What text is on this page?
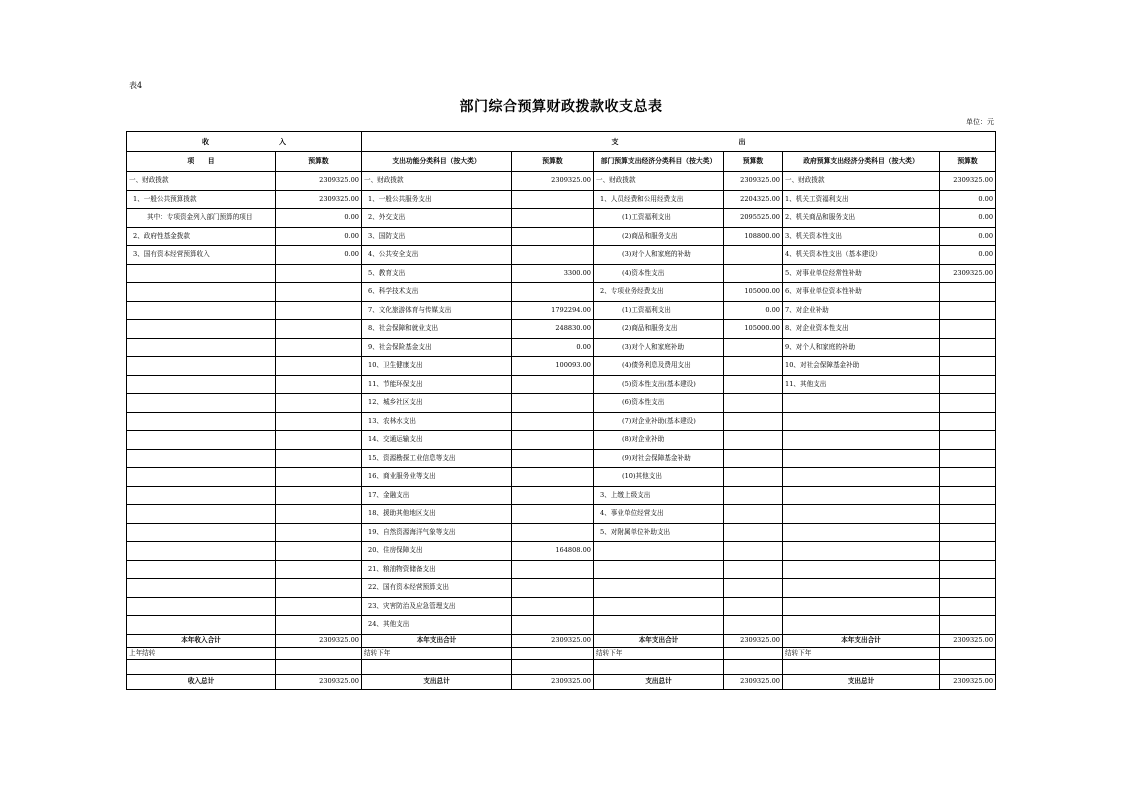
表4
部门综合预算财政拨款收支总表
单位：元
收 入		支 出					
项　　目	预算数	支出功能分类科目（按大类）	预算数	部门预算支出经济分类科目（按大类）	预算数	政府预算支出经济分类科目（按大类）	预算数
一、财政拨款	2309325.00	一、财政拨款	2309325.00	一、财政拨款	2309325.00	一、财政拨款	2309325.00
1、一般公共预算拨款	2309325.00	1、一般公共服务支出		1、人员经费和公用经费支出	2204325.00	1、机关工资福利支出	0.00
其中：专项资金列入部门预算的项目	0.00	2、外交支出		(1)工资福利支出	2095525.00	2、机关商品和服务支出	0.00
2、政府性基金拨款	0.00	3、国防支出		(2)商品和服务支出	108800.00	3、机关资本性支出	0.00
3、国有资本经营预算收入	0.00	4、公共安全支出		(3)对个人和家庭的补助		4、机关资本性支出（基本建设）	0.00
		5、教育支出	3300.00	(4)资本性支出		5、对事业单位经常性补助	2309325.00
		6、科学技术支出		2、专项业务经费支出	105000.00	6、对事业单位资本性补助	
		7、文化旅游体育与传媒支出	1792294.00	(1)工资福利支出	0.00	7、对企业补助	
		8、社会保障和就业支出	248830.00	(2)商品和服务支出	105000.00	8、对企业资本性支出	
		9、社会保险基金支出	0.00	(3)对个人和家庭补助		9、对个人和家庭的补助	
		10、卫生健康支出	100093.00	(4)债务利息及费用支出		10、对社会保障基金补助	
		11、节能环保支出		(5)资本性支出(基本建设)		11、其他支出	
		12、城乡社区支出		(6)资本性支出			
		13、农林水支出		(7)对企业补助(基本建设)			
		14、交通运输支出		(8)对企业补助			
		15、资源勘探工业信息等支出		(9)对社会保障基金补助			
		16、商业服务业等支出		(10)其他支出			
		17、金融支出		3、上缴上级支出			
		18、援助其他地区支出		4、事业单位经营支出			
		19、自然资源海洋气象等支出		5、对附属单位补助支出			
		20、住房保障支出	164808.00				
		21、粮油物资储备支出					
		22、国有资本经营预算支出					
		23、灾害防治及应急管理支出					
		24、其他支出					
本年收入合计	2309325.00	本年支出合计	2309325.00	本年支出合计	2309325.00	本年支出合计	2309325.00
上年结转		结转下年		结转下年		结转下年	

收入总计	2309325.00	支出总计	2309325.00	支出总计	2309325.00	支出总计	2309325.00
